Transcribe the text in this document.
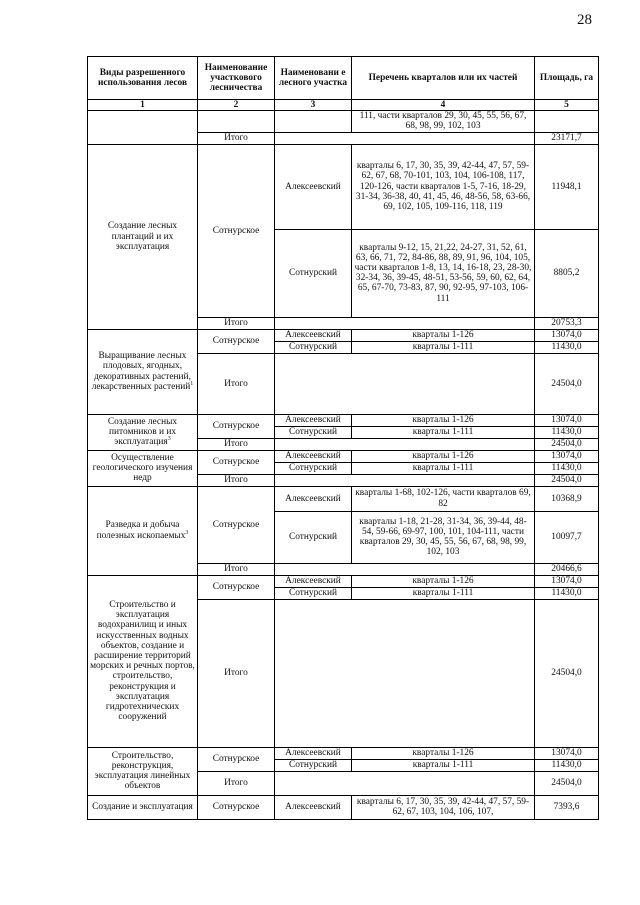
28
Виды разрешенного использования лесов	Наименование участкового лесничества	Наименовани е лесного участка	Перечень кварталов или их частей	Площадь, га
1	2	3	4	5
			111, части кварталов 29, 30, 45, 55, 56, 67, 68, 98, 99, 102, 103	
	Итого			23171,7
Создание лесных плантаций и их эксплуатация	Сотнурское	Алексеевский	кварталы 6, 17, 30, 35, 39, 42-44, 47, 57, 59-62, 67, 68, 70-101, 103, 104, 106-108, 117, 120-126, части кварталов 1-5, 7-16, 18-29, 31-34, 36-38, 40, 41, 45, 46, 48-56, 58, 63-66, 69, 102, 105, 109-116, 118, 119	11948,1
		Сотнурский	кварталы 9-12, 15, 21,22, 24-27, 31, 52, 61, 63, 66, 71, 72, 84-86, 88, 89, 91, 96, 104, 105, части кварталов 1-8, 13, 14, 16-18, 23, 28-30, 32-34, 36, 39-45, 48-51, 53-56, 59, 60, 62, 64, 65, 67-70, 73-83, 87, 90, 92-95, 97-103, 106-111	8805,2
	Итого			20753,3
Выращивание лесных плодовых, ягодных, декоративных растений, лекарственных растений$^1$	Сотнурское	Алексеевский	кварталы 1-126	13074,0
		Сотнурский	кварталы 1-111	11430,0
	Итого			24504,0
Создание лесных питомников и их эксплуатация$^3$	Сотнурское	Алексеевский	кварталы 1-126	13074,0
		Сотнурский	кварталы 1-111	11430,0
	Итого			24504,0
Осуществление геологического изучения недр	Сотнурское	Алексеевский	кварталы 1-126	13074,0
		Сотнурский	кварталы 1-111	11430,0
	Итого			24504,0
Разведка и добыча полезных ископаемых$^3$	Сотнурское	Алексеевский	кварталы 1-68, 102-126, части кварталов 69, 82	10368,9
		Сотнурский	кварталы 1-18, 21-28, 31-34, 36, 39-44, 48-54, 59-66, 69-97, 100, 101, 104-111, части кварталов 29, 30, 45, 55, 56, 67, 68, 98, 99, 102, 103	10097,7
	Итого			20466,6
Строительство и эксплуатация водохранилищ и иных искусственных водных объектов, создание и расширение территорий морских и речных портов, строительство, реконструкция и эксплуатация гидротехнических сооружений	Сотнурское	Алексеевский	кварталы 1-126	13074,0
		Сотнурский	кварталы 1-111	11430,0
	Итого			24504,0
Строительство, реконструкция, эксплуатация линейных объектов	Сотнурское	Алексеевский	кварталы 1-126	13074,0
		Сотнурский	кварталы 1-111	11430,0
	Итого			24504,0
Создание и эксплуатация	Сотнурское	Алексеевский	кварталы 6, 17, 30, 35, 39, 42-44, 47, 57, 59-62, 67, 103, 104, 106, 107,	7393,6
